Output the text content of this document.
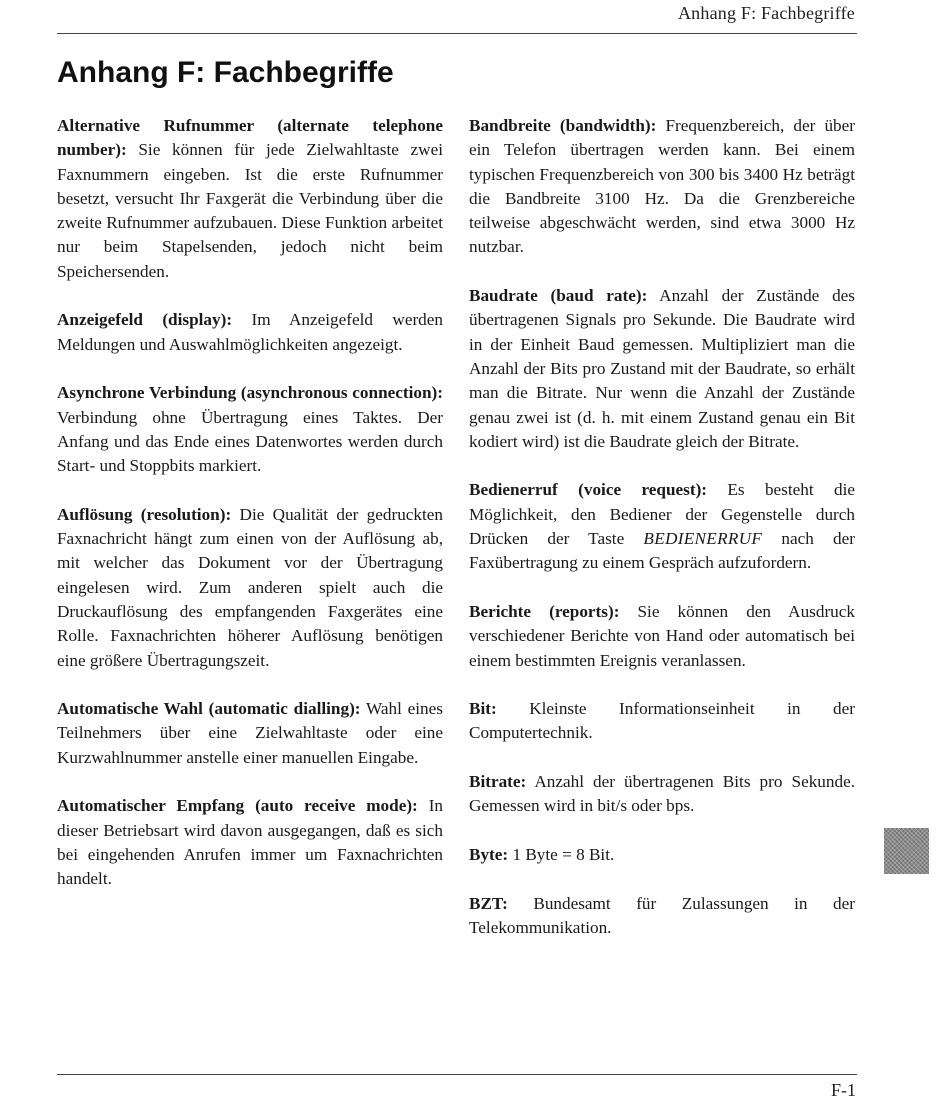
Anhang F: Fachbegriffe
Anhang F: Fachbegriffe

Alternative Rufnummer (alternate telephone number): Sie können für jede Zielwahltaste zwei Faxnummern eingeben. Ist die erste Rufnummer besetzt, versucht Ihr Faxgerät die Verbindung über die zweite Rufnummer aufzubauen. Diese Funktion arbeitet nur beim Stapelsenden, jedoch nicht beim Speichersenden.

Anzeigefeld (display): Im Anzeigefeld werden Meldungen und Auswahlmöglichkeiten angezeigt.

Asynchrone Verbindung (asynchronous connection): Verbindung ohne Übertragung eines Taktes. Der Anfang und das Ende eines Datenwortes werden durch Start- und Stoppbits markiert.

Auflösung (resolution): Die Qualität der gedruckten Faxnachricht hängt zum einen von der Auflösung ab, mit welcher das Dokument vor der Übertragung eingelesen wird. Zum anderen spielt auch die Druckauflösung des empfangenden Faxgerätes eine Rolle. Faxnachrichten höherer Auflösung benötigen eine größere Übertragungszeit.

Automatische Wahl (automatic dialling): Wahl eines Teilnehmers über eine Zielwahltaste oder eine Kurzwahlnummer anstelle einer manuellen Eingabe.

Automatischer Empfang (auto receive mode): In dieser Betriebsart wird davon ausgegangen, daß es sich bei eingehenden Anrufen immer um Faxnachrichten handelt.

Bandbreite (bandwidth): Frequenzbereich, der über ein Telefon übertragen werden kann. Bei einem typischen Frequenzbereich von 300 bis 3400 Hz beträgt die Bandbreite 3100 Hz. Da die Grenzbereiche teilweise abgeschwächt werden, sind etwa 3000 Hz nutzbar.

Baudrate (baud rate): Anzahl der Zustände des übertragenen Signals pro Sekunde. Die Baudrate wird in der Einheit Baud gemessen. Multipliziert man die Anzahl der Bits pro Zustand mit der Baudrate, so erhält man die Bitrate. Nur wenn die Anzahl der Zustände genau zwei ist (d. h. mit einem Zustand genau ein Bit kodiert wird) ist die Baudrate gleich der Bitrate.

Bedienerruf (voice request): Es besteht die Möglichkeit, den Bediener der Gegenstelle durch Drücken der Taste BEDIENERRUF nach der Faxübertragung zu einem Gespräch aufzufordern.

Berichte (reports): Sie können den Ausdruck verschiedener Berichte von Hand oder automatisch bei einem bestimmten Ereignis veranlassen.

Bit: Kleinste Informationseinheit in der Computertechnik.

Bitrate: Anzahl der übertragenen Bits pro Sekunde. Gemessen wird in bit/s oder bps.

Byte: 1 Byte = 8 Bit.

BZT: Bundesamt für Zulassungen in der Telekommunikation.

F-1
